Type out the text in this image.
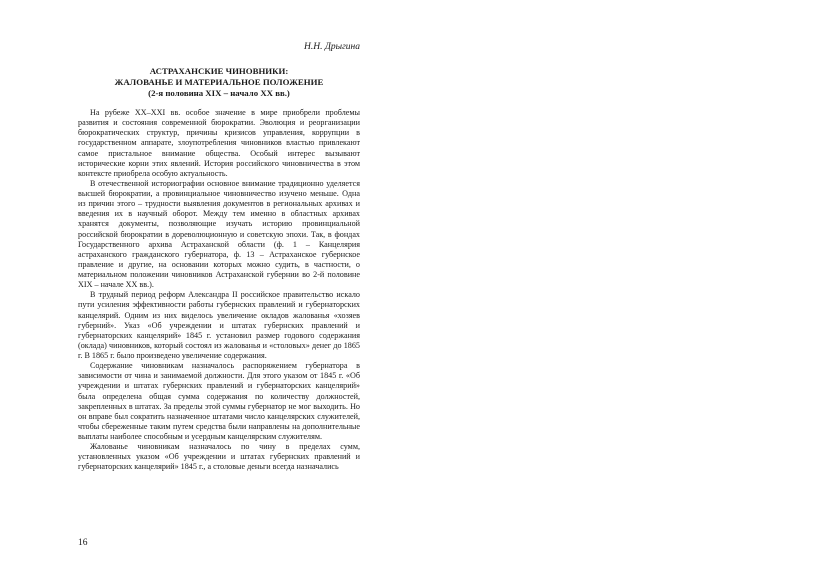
Н.Н. Дрыгина
АСТРАХАНСКИЕ ЧИНОВНИКИ:
ЖАЛОВАНЬЕ И МАТЕРИАЛЬНОЕ ПОЛОЖЕНИЕ
(2-я половина XIX – начало XX вв.)

На рубеже XX–XXI вв. особое значение в мире приобрели проблемы развития и состояния современной бюрократии. Эволюция и реорганизации бюрократических структур, причины кризисов управления, коррупции в государственном аппарате, злоупотребления чиновников властью привлекают самое пристальное внимание общества. Особый интерес вызывают исторические корни этих явлений. История российского чиновничества в этом контексте приобрела особую актуальность.

В отечественной историографии основное внимание традиционно уделяется высшей бюрократии, а провинциальное чиновничество изучено меньше. Одна из причин этого – трудности выявления документов в региональных архивах и введения их в научный оборот. Между тем именно в областных архивах хранятся документы, позволяющие изучать историю провинциальной российской бюрократии в дореволюционную и советскую эпохи. Так, в фондах Государственного архива Астраханской области (ф. 1 – Канцелярия астраханского гражданского губернатора, ф. 13 – Астраханское губернское правление и другие, на основании которых можно судить, в частности, о материальном положении чиновников Астраханской губернии во 2-й половине XIX – начале XX вв.).

В трудный период реформ Александра II российское правительство искало пути усиления эффективности работы губернских правлений и губернаторских канцелярий. Одним из них виделось увеличение окладов жалованья «хозяев губерний». Указ «Об учреждении и штатах губернских правлений и губернаторских канцелярий» 1845 г. установил размер годового содержания (оклада) чиновников, который состоял из жалованья и «столовых» денег до 1865 г. В 1865 г. было произведено увеличение содержания.

Содержание чиновникам назначалось распоряжением губернатора в зависимости от чина и занимаемой должности. Для этого указом от 1845 г. «Об учреждении и штатах губернских правлений и губернаторских канцелярий» была определена общая сумма содержания по количеству должностей, закрепленных в штатах. За пределы этой суммы губернатор не мог выходить. Но он вправе был сократить назначенное штатами число канцелярских служителей, чтобы сбереженные таким путем средства были направлены на дополнительные выплаты наиболее способным и усердным канцелярским служителям.

Жалованье чиновникам назначалось по чину в пределах сумм, установленных указом «Об учреждении и штатах губернских правлений и губернаторских канцелярий» 1845 г., а столовые деньги всегда назначались

16
